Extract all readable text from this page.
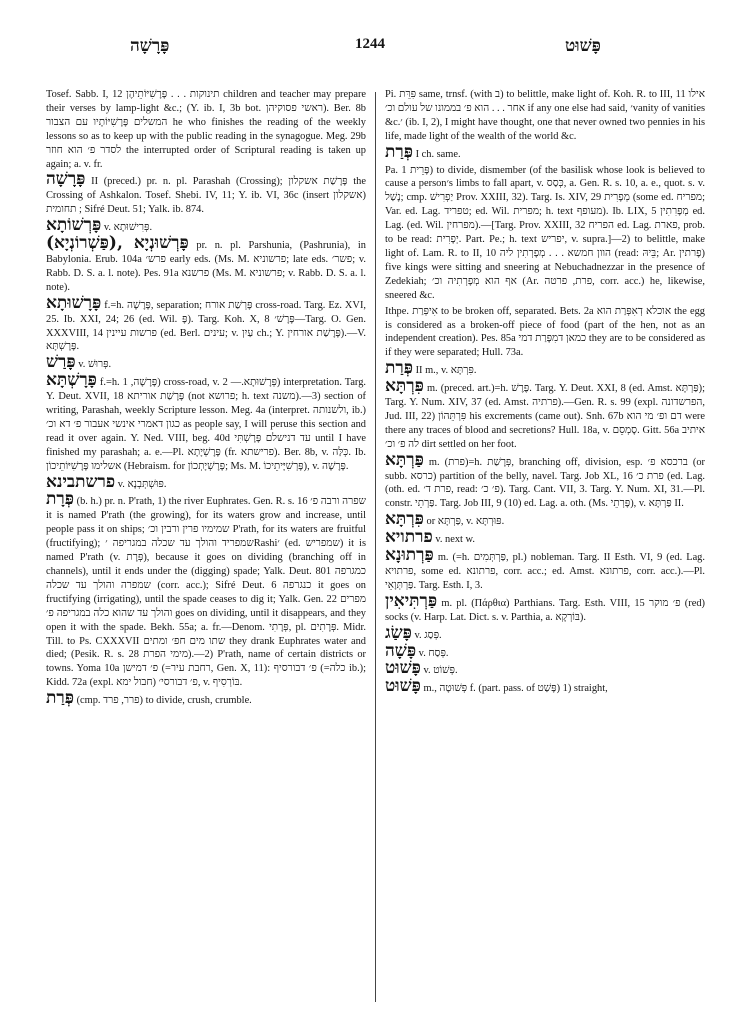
פָּרָשָׁה	1244	פָּשׁוּט
Tosef. Sabb. I, 12 תינוקות . . . פָּרָשִׁיּוֹתֵיהֶן children and teacher may prepare their verses by lamp-light &c.; (Y. ib. I, 3b bot. ראשי פסוקיהן). Ber. 8b המשלים פָּרָשִׁיּוֹתָיו עם הצבור he who finishes the reading of the weekly lessons so as to keep up with the public reading in the synagogue. Meg. 29b לסדר פ׳ הוא חוזר the interrupted order of Scriptural reading is taken up again; a. v. fr.
פָּרָשָׁה II (preced.) pr. n. pl. Parashah (Crossing); פָּרָשַׁת אשקלון the Crossing of Ashkalon. Tosef. Shebi. IV, 11; Y. ib. VI, 36c (insert אשקלון) תחומית ; Sifré Deut. 51; Yalk. ib. 874.
פָּרְשׁוֹתָא v. פְּרִישׁוּתָא.
פָּרְשׁוּנְיָא ,(פַּשְׁרוֹנְיָא) pr. n. pl. Parshunia, (Pashrunia), in Babylonia. Erub. 104a פרש׳ early eds. (Ms. M. פרשוניא; late eds. פשר׳; v. Rabb. D. S. a. l. note). Pes. 91a פרשנא (Ms. M. פרשוניא; v. Rabb. D. S. a. l. note).
פָּרָשׁוּתָא f.=h. פָּרָשָׁה, separation; פָּרְשַׁת אורח cross-road. Targ. Ez. XVI, 25. Ib. XXI, 24; 26 (ed. Wil. פָּ). Targ. Koh. X, 8 פָּרָשׁ׳—Targ. O. Gen. XXXVIII, 14 פרשות עיינין (ed. Berl. עינים; v. עַיִן ch.; Y. פָּרָשַׁת אורחין).—V. פָּרָשְׁתָּא.
פָּרַשׁ v. פְּרוּשׁ.
פָּרָשְׁתָּא f.=h. פָּרָשָׁה, 1) cross-road, v. פְּרָשׁוּתָא.— 2) interpretation. Targ. Y. Deut. XVII, 18 פָּרָשַׁת אוריתא (not פרושא; h. text משנה).—3) section of writing, Parashah, weekly Scripture lesson. Meg. 4a (interpret. ולשנותה, ib.) כגון דאמרי אינשי אעבור פ׳ דא וכ׳ as people say, I will peruse this section and read it over again. Y. Ned. VIII, beg. 40d עד דנישלם פָּרָשְׁתִּי until I have finished my parashah; a. e.—Pl. פָּרָשְׁיָתָא (fr. פרישתא). Ber. 8b, v. כְּלַּה. Ib. אשלימו פָּרָשִׁיּוֹתֵיכוֹן (Hebraism. for פָּרָשְׁיָתְכוֹן; Ms. M. פָּרְשִׁיָּיתֵיכוֹ), v. פָּרָשָׁה.
פרשתבינא v. פּוּשְׁתְּבְנָא.
פְּרָת (b. h.) pr. n. P'rath, 1) the river Euphrates. Gen. R. s. 16 שפרה ורבה פ׳ it is named P'rath (the growing), for its waters grow and increase, until people pass it on ships; שמימיו פרין ורבין וכ׳ P'rath, for its waters are fruitful (fructifying); שמפריד והולך עד שכלה במגריפה ׳Rashi׳ (ed. שמפריש) it is named P'rath (v. פְּרָת), because it goes on dividing (branching off in channels), until it ends under the (digging) spade; Yalk. Deut. 801 כמגרפה שמפרה והולך עד שכלה (corr. acc.); Sifré Deut. 6 כנגרפה it goes on fructifying (irrigating), until the spade ceases to dig it; Yalk. Gen. 22 מפרים והולך עד שהוא כלה במגריפה פ׳ goes on dividing, until it disappears, and they open it with the spade. Bekh. 55a; a. fr.—Denom. פְּרָתִי, pl. פְּרָתִים. Midr. Till. to Ps. CXXXVII שתו מים חפ׳ ומתים they drank Euphrates water and died; (Pesik. R. s. 28 מימי הפרת).—2) P'rath, name of certain districts or towns. Yoma 10a פ׳ דמישן (=רחבת עיר, Gen. X, 11): פ׳ דבורסיף (=כלה ib.); Kidd. 72a (expl. חבול ימא) פ׳ דבורסי׳, v. בּוֹרְסִיף.
פְּרַת (cmp. פרר, פרד) to divide, crush, crumble.
Pi. פִּרֵּת same, trnsf. (with ב) to belittle, make light of. Koh. R. to III, 11 אילו אחר . . . הוא פ׳ בממונו של עולם וכ׳ if any one else had said, ׳vanity of vanities &c.׳ (ib. I, 2), I might have thought, one that never owned two pennies in his life, made light of the wealth of the world &c.
פְּרַת I ch. same.
Pa. פָּרֵית 1) to divide, dismember (of the basilisk whose look is believed to cause a person׳s limbs to fall apart, v. כְּסַס, a. Gen. R. s. 10, a. e., quot. s. v. נָשַׁל; cmp. יַפְרִישׁ Prov. XXIII, 32). Targ. Is. XIV, 29 מְפָרִית (some ed. מפריח; Var. ed. Lag. טפריד; ed. Wil. מפרית; h. text מעופף). Ib. LIX, 5 מְפָרִתִין ed. Lag. (ed. Wil. מפרחין).—[Targ. Prov. XXIII, 32 הפריח ed. Lag. פארת, prob. to be read: יְפָרִית. Part. Pe.; h. text יפריש, v. supra.]—2) to belittle, make light of. Lam. R. to II, 10 הוון חמשא . . . מְפָרְתִין ליה (read: בֵּיהּ; Ar. פָרתין) five kings were sitting and sneering at Nebuchadnezzar in the presence of Zedekiah; אף הוא מְפָרְתִיה וכ׳ (Ar. פרת, פרטה, corr. acc.) he, likewise, sneered &c.
Ithpe. אִיפְּרַת to be broken off, separated. Bets. 2a אוכלא דְאִפְּרַת הוא the egg is considered as a broken-off piece of food (part of the hen, not as an independent creation). Pes. 85a כמאן דמִפָּרַת דמי they are to be considered as if they were separated; Hull. 73a.
פְּרַת II m., v. פִּרְתָּא.
פִּרְתָּא m. (preced. art.)=h. פֶּרֶשׁ. Targ. Y. Deut. XXI, 8 (ed. Amst. פַּרְתָּא); Targ. Y. Num. XIV, 37 (ed. Amst. פרתיה).—Gen. R. s. 99 (expl. הפרשדונה, Jud. III, 22) פִּרְתֵּהוֹן his excrements (came out). Snh. 67b דם ופ׳ מי הוא were there any traces of blood and secretions? Hull. 18a, v. סָמְסֵם. Gitt. 56a איתיב לה פ׳ וכ׳ dirt settled on her foot.
פַּרְתָּא m. (פרת)=h. פְּרָשַׁת, branching off, division, esp. ברכסא פ׳ (or subb. כרסא) partition of the belly, navel. Targ. Job XL, 16 פרת כ׳ (ed. Lag. (oth. ed. פרת ד׳, read: פ׳ כ׳). Targ. Cant. VII, 3. Targ. Y. Num. XI, 31.—Pl. constr. פַּרְתֵי. Targ. Job III, 9 (10) ed. Lag. a. oth. (Ms. פָּרְתֵי), v. פַּרְתָּא II.
פִּרְתָּא or פַּרְתָּא, v. פּוּרְתָּא.
פרתויא v. next w.
פַּרְתוּנָא m. (=h. פַּרְתְּמִים, pl.) nobleman. Targ. II Esth. VI, 9 (ed. Lag. פרתויא, some ed. פרתונא, corr. acc.; ed. Amst. פרתונא, corr. acc.).—Pl. פַּרְתְּוָאֵי. Targ. Esth. I, 3.
פַּרְתִּיאִין m. pl. (Πάρθια) Parthians. Targ. Esth. VIII, 15 פ׳ מוקר (red) socks (v. Harp. Lat. Dict. s. v. Parthia, a. בּוֹרְקָא).
פָּשַׂג v. פְּסַג.
פָּשָׁה v. פְּסַח.
פָּשׁוּט v. פְּשׁוֹט.
פָּשׁוּט m., פְּשׁוּטָה f. (part. pass. of פָּשַׁט) 1) straight,
